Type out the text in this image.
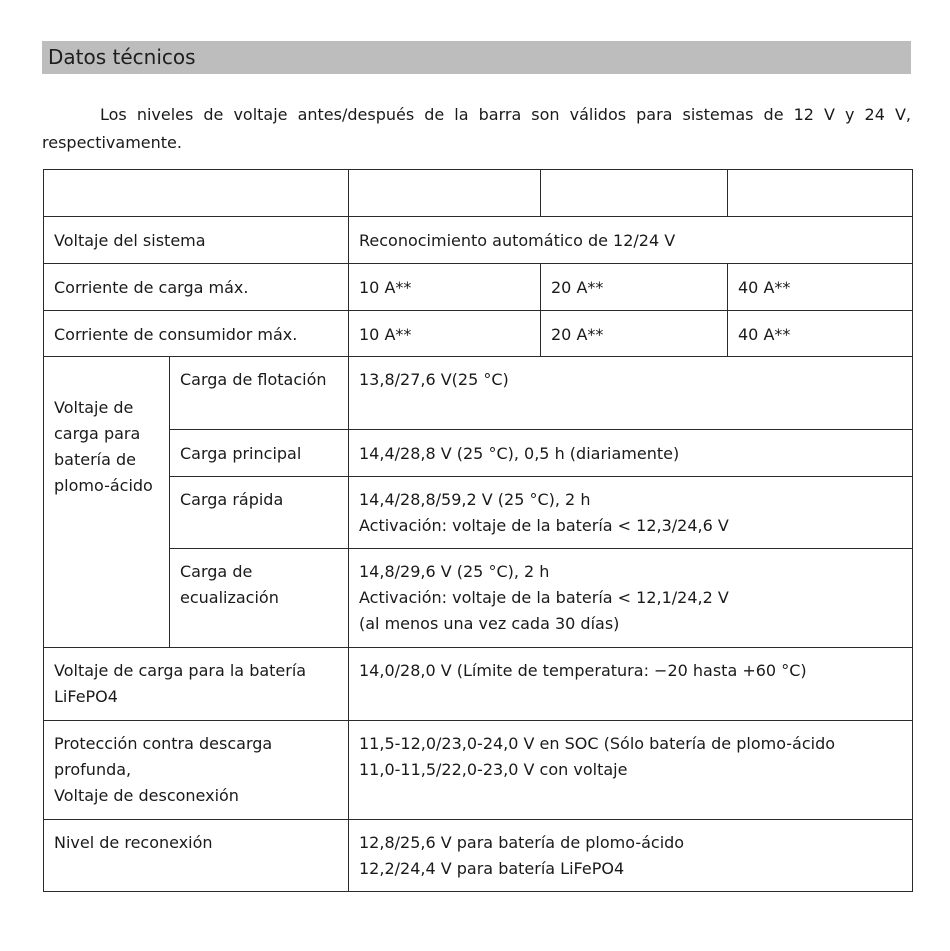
Datos técnicos

Los niveles de voltaje antes/después de la barra son válidos para sistemas de 12 V y 24 V, respectivamente.

Voltaje del sistema		Reconocimiento automático de 12/24 V		
Corriente de carga máx.		10 A**	20 A**	40 A**
Corriente de consumidor máx.		10 A**	20 A**	40 A**
Voltaje de carga para batería de plomo-ácido	Carga de flotación	13,8/27,6 V(25 °C)		
	Carga principal	14,4/28,8 V (25 °C), 0,5 h (diariamente)		
	Carga rápida	14,4/28,8/59,2 V (25 °C), 2 h
Activación: voltaje de la batería < 12,3/24,6 V		
	Carga de ecualización	14,8/29,6 V (25 °C), 2 h
Activación: voltaje de la batería < 12,1/24,2 V
(al menos una vez cada 30 días)		
Voltaje de carga para la batería LiFePO4		14,0/28,0 V (Límite de temperatura: −20 hasta +60 °C)		
Protección contra descarga profunda,
Voltaje de desconexión		11,5-12,0/23,0-24,0 V en SOC (Sólo batería de plomo-ácido
11,0-11,5/22,0-23,0 V con voltaje		
Nivel de reconexión		12,8/25,6 V para batería de plomo-ácido
12,2/24,4 V para batería LiFePO4		
